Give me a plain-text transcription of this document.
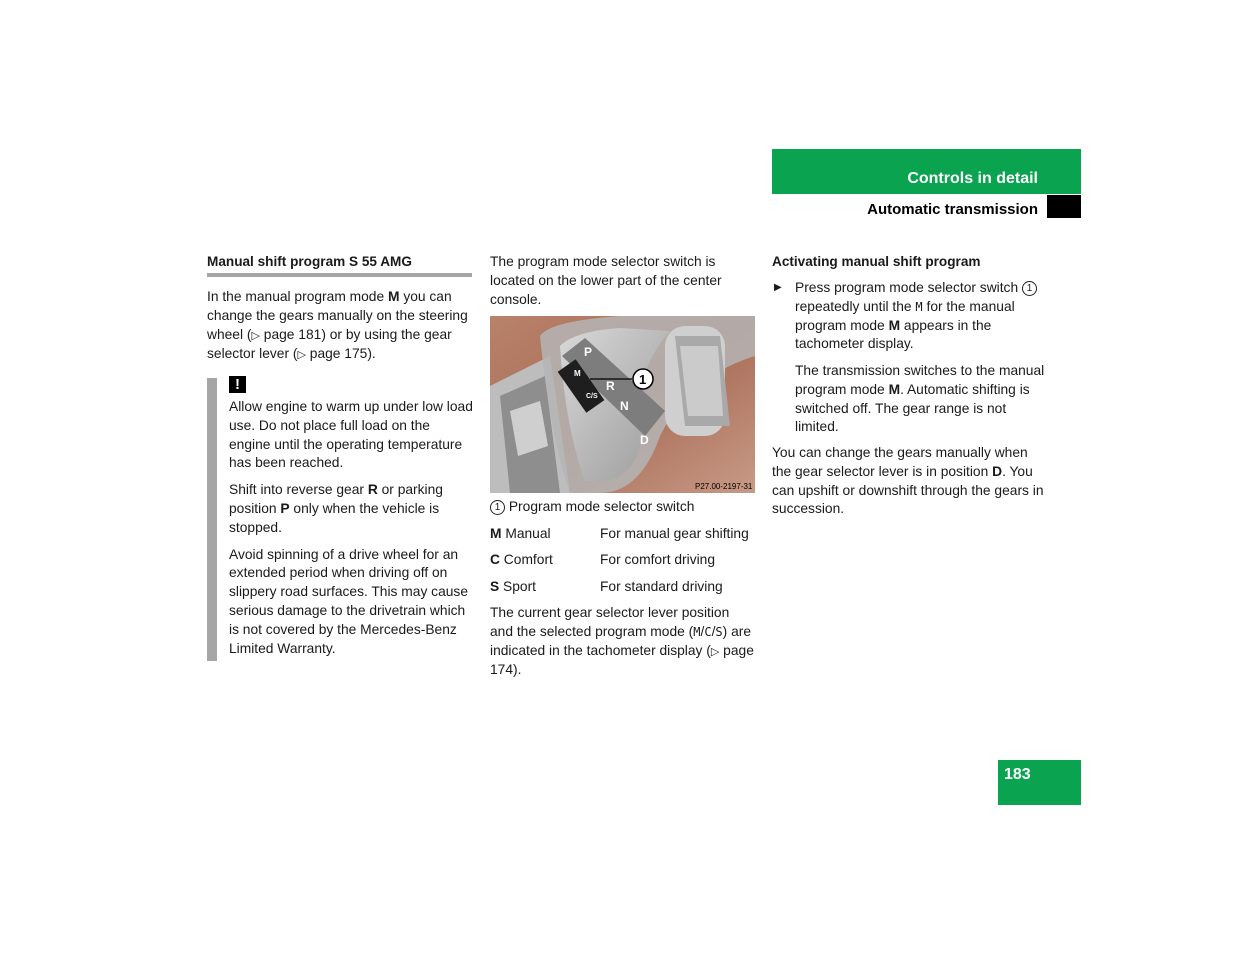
Controls in detail
Automatic transmission
Manual shift program S 55 AMG
In the manual program mode M you can change the gears manually on the steering wheel (▷ page 181) or by using the gear selector lever (▷ page 175).
!

Allow engine to warm up under low load use. Do not place full load on the engine until the operating temperature has been reached.

Shift into reverse gear R or parking position P only when the vehicle is stopped.

Avoid spinning of a drive wheel for an extended period when driving off on slippery road surfaces. This may cause serious damage to the drivetrain which is not covered by the Mercedes-Benz Limited Warranty.

The program mode selector switch is located on the lower part of the center console.
P
R
N
D
M
C/S
1
P27.00-2197-31
1 Program mode selector switch
M Manual	For manual gear shifting
C Comfort	For comfort driving
S Sport	For standard driving
The current gear selector lever position and the selected program mode (M/C/S) are indicated in the tachometer display (▷ page 174).
Activating manual shift program
▶ Press program mode selector switch 1 repeatedly until the M for the manual program mode M appears in the tachometer display.
The transmission switches to the manual program mode M. Automatic shifting is switched off. The gear range is not limited.
You can change the gears manually when the gear selector lever is in position D. You can upshift or downshift through the gears in succession.
183
